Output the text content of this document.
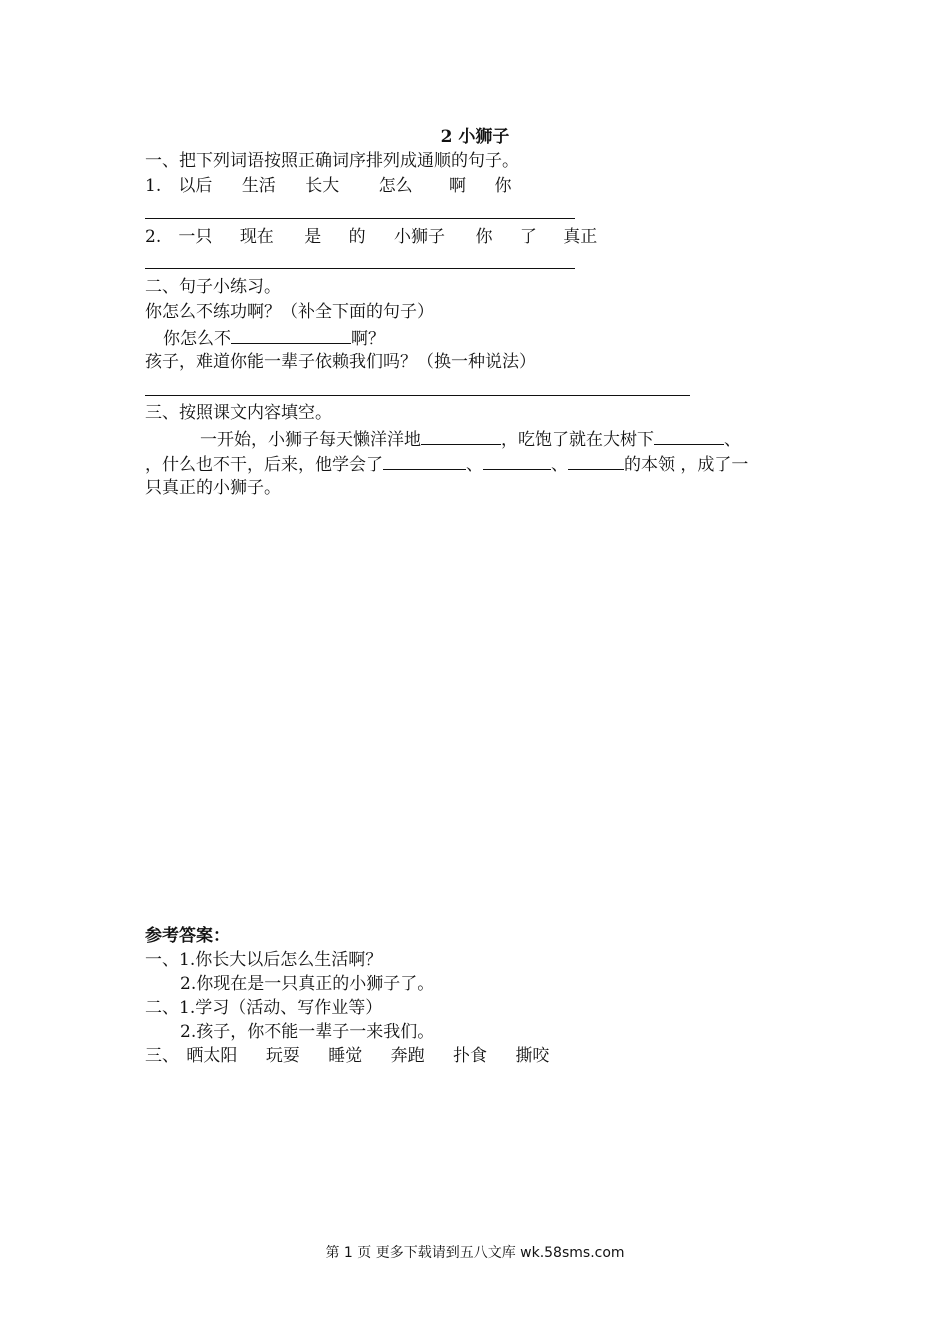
2 小狮子
一、把下列词语按照正确词序排列成通顺的句子。
1. 以后 生活 长大 怎么 啊 你
2. 一只 现在 是 的 小狮子 你 了 真正
二、句子小练习。
你怎么不练功啊？（补全下面的句子）
你怎么不	啊？
孩子，难道你能一辈子依赖我们吗？（换一种说法）
三、按照课文内容填空。
一开始，小狮子每天懒洋洋地	，吃饱了就在大树下	、
，什么也不干，后来，他学会了	、	、	的本领 ，成了一
只真正的小狮子。
参考答案：
一、1.你长大以后怎么生活啊？
2.你现在是一只真正的小狮子了。
二、1.学习（活动、写作业等）
2.孩子，你不能一辈子一来我们。
三、 晒太阳 玩耍 睡觉 奔跑 扑食 撕咬
第 1 页 更多下载请到五八文库 wk.58sms.com
